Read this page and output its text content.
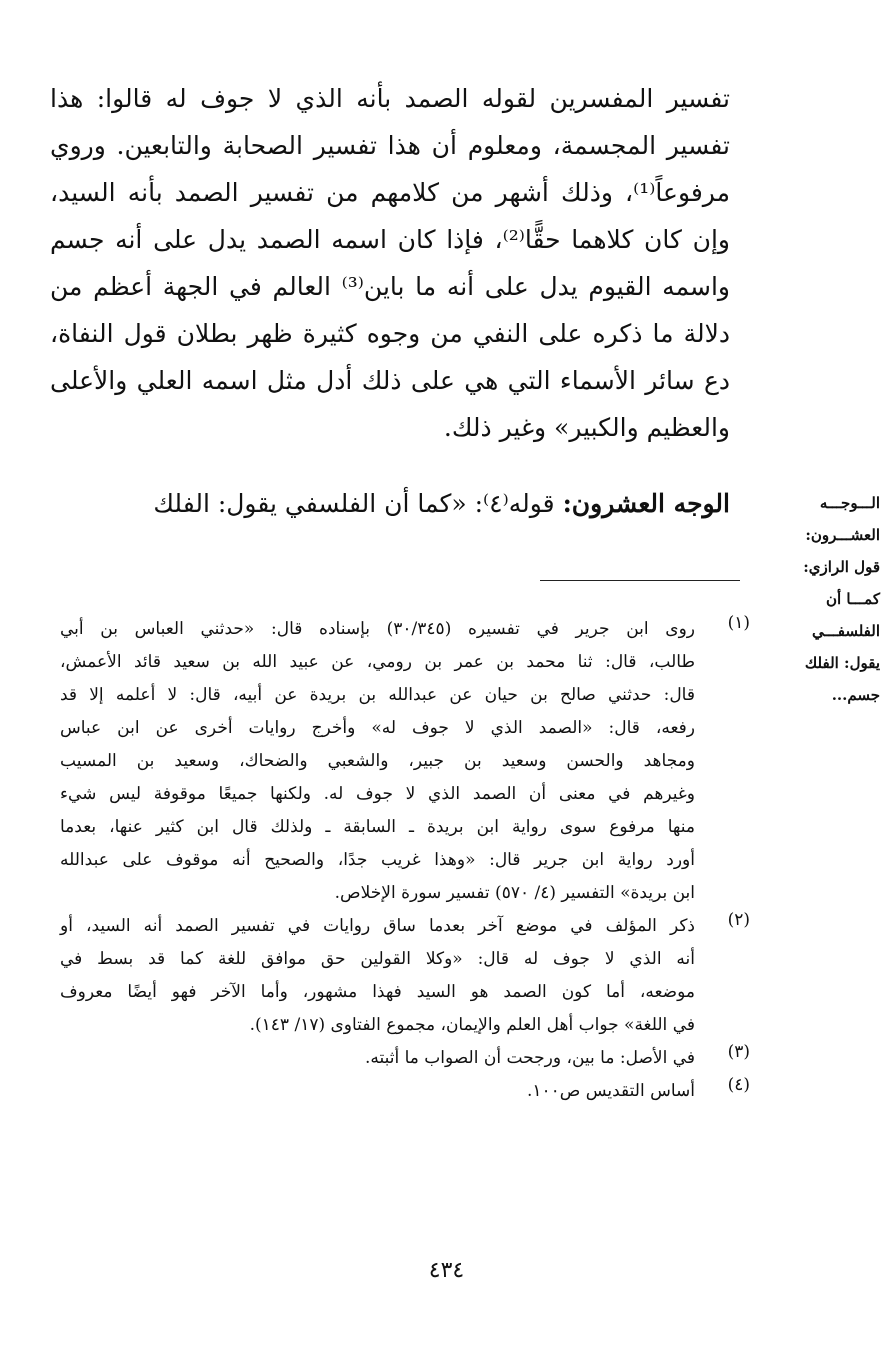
تفسير المفسرين لقوله الصمد بأنه الذي لا جوف له قالوا: هذا
تفسير المجسمة، ومعلوم أن هذا تفسير الصحابة والتابعين. وروي
مرفوعاً⁽¹⁾، وذلك أشهر من كلامهم من تفسير الصمد بأنه السيد،
وإن كان كلاهما حقًّا⁽²⁾، فإذا كان اسمه الصمد يدل على أنه جسم
واسمه القيوم يدل على أنه ما باين⁽³⁾ العالم في الجهة أعظم من
دلالة ما ذكره على النفي من وجوه كثيرة ظهر بطلان قول النفاة،
دع سائر الأسماء التي هي على ذلك أدل مثل اسمه العلي والأعلى
والعظيم والكبير» وغير ذلك.
الوجه العشرون: قوله⁽٤⁾: «كما أن الفلسفي يقول: الفلك	الـــوجـــه
العشـــرون:
قول الرازي:
كمـــا أن
الفلسفـــي
يقول: الفلك
جسم...
(١)
روى ابن جرير في تفسيره (٣٠/٣٤٥) بإسناده قال: «حدثني العباس بن أبي
طالب، قال: ثنا محمد بن عمر بن رومي، عن عبيد الله بن سعيد قائد الأعمش،
قال: حدثني صالح بن حيان عن عبدالله بن بريدة عن أبيه، قال: لا أعلمه إلا قد
رفعه، قال: «الصمد الذي لا جوف له» وأخرج روايات أخرى عن ابن عباس
ومجاهد والحسن وسعيد بن جبير، والشعبي والضحاك، وسعيد بن المسيب
وغيرهم في معنى أن الصمد الذي لا جوف له. ولكنها جميعًا موقوفة ليس شيء
منها مرفوع سوى رواية ابن بريدة ـ السابقة ـ ولذلك قال ابن كثير عنها، بعدما
أورد رواية ابن جرير قال: «وهذا غريب جدًا، والصحيح أنه موقوف على عبدالله
ابن بريدة» التفسير (٤/ ٥٧٠) تفسير سورة الإخلاص.
(٢)
ذكر المؤلف في موضع آخر بعدما ساق روايات في تفسير الصمد أنه السيد، أو
أنه الذي لا جوف له قال: «وكلا القولين حق موافق للغة كما قد بسط في
موضعه، أما كون الصمد هو السيد فهذا مشهور، وأما الآخر فهو أيضًا معروف
في اللغة» جواب أهل العلم والإيمان، مجموع الفتاوى (١٧/ ١٤٣).
(٣)
في الأصل: ما بين، ورجحت أن الصواب ما أثبته.
(٤)
أساس التقديس ص١٠٠.
٤٣٤
